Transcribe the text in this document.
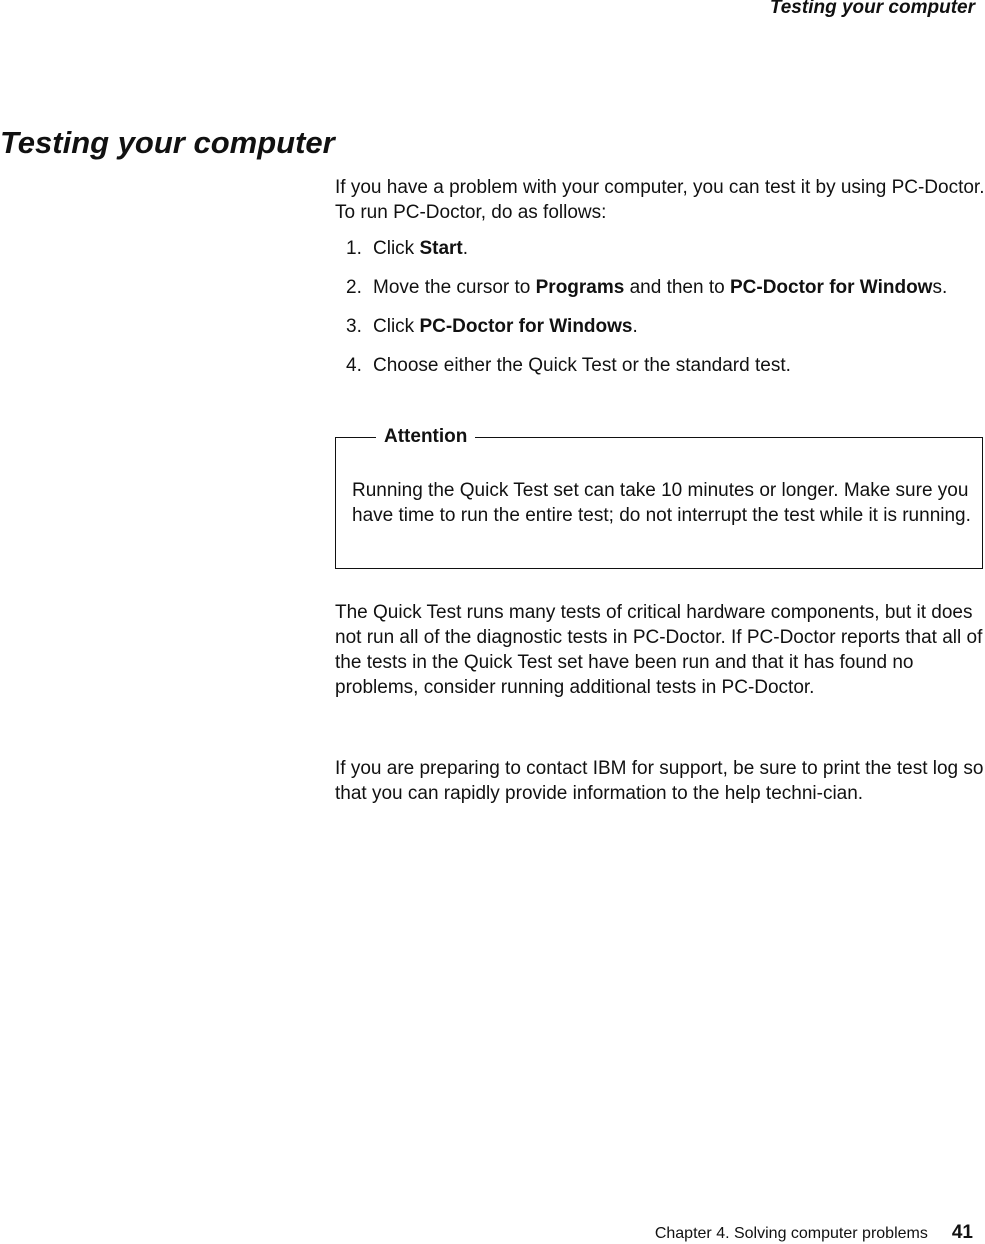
Testing your computer
Testing your computer

If you have a problem with your computer, you can test it by using PC-Doctor. To run PC-Doctor, do as follows:

1. Click Start.
2. Move the cursor to Programs and then to PC-Doctor for Windows.
3. Click PC-Doctor for Windows.
4. Choose either the Quick Test or the standard test.
Attention

Running the Quick Test set can take 10 minutes or longer. Make sure you have time to run the entire test; do not interrupt the test while it is running.

The Quick Test runs many tests of critical hardware components, but it does not run all of the diagnostic tests in PC-Doctor. If PC-Doctor reports that all of the tests in the Quick Test set have been run and that it has found no problems, consider running additional tests in PC-Doctor.

If you are preparing to contact IBM for support, be sure to print the test log so that you can rapidly provide information to the help techni-cian.

Chapter 4. Solving computer problems 41
